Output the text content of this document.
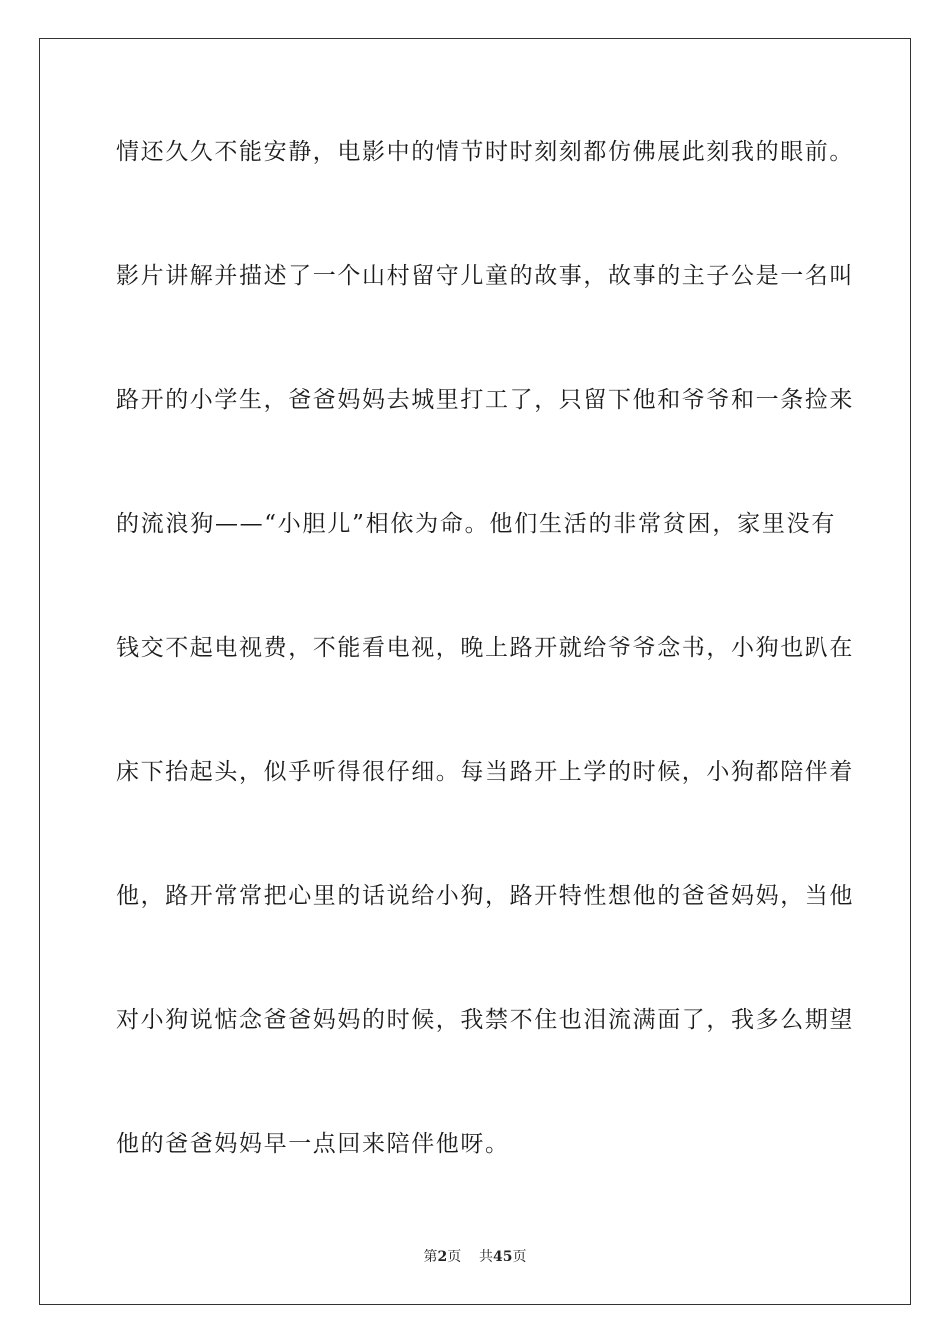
情还久久不能安静，电影中的情节时时刻刻都仿佛展此刻我的眼前。
影片讲解并描述了一个山村留守儿童的故事，故事的主子公是一名叫
路开的小学生，爸爸妈妈去城里打工了，只留下他和爷爷和一条捡来
的流浪狗——“小胆儿”相依为命。他们生活的非常贫困，家里没有
钱交不起电视费，不能看电视，晚上路开就给爷爷念书，小狗也趴在
床下抬起头，似乎听得很仔细。每当路开上学的时候，小狗都陪伴着
他，路开常常把心里的话说给小狗，路开特性想他的爸爸妈妈，当他
对小狗说惦念爸爸妈妈的时候，我禁不住也泪流满面了，我多么期望
他的爸爸妈妈早一点回来陪伴他呀。
第2页 共45页
